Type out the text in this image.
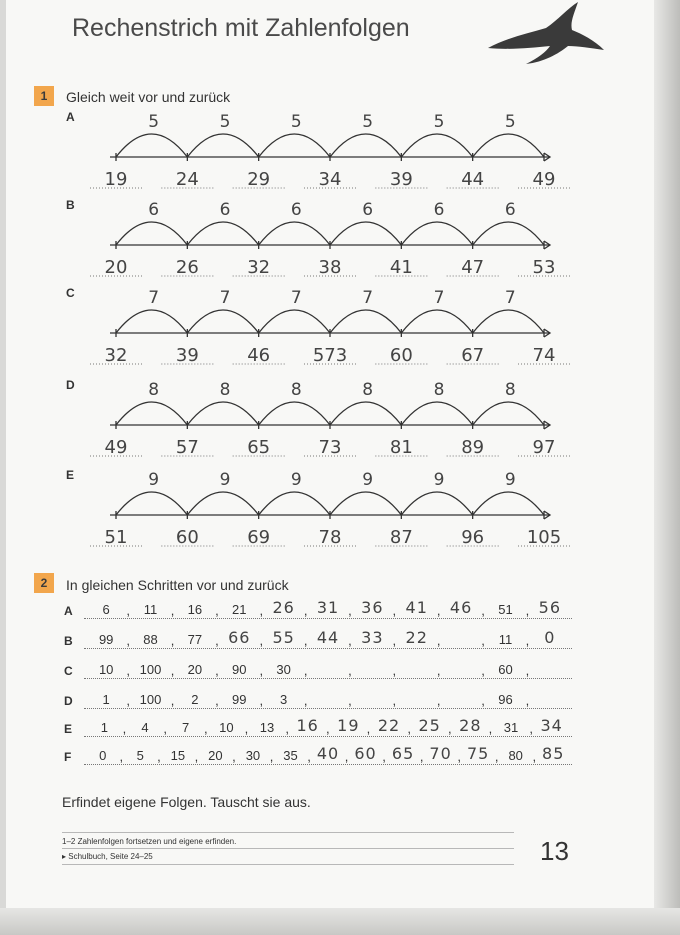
Rechenstrich mit Zahlenfolgen
1	Gleich weit vor und zurück
A
19	24	29	34	39	44	49
5	5	5	5	5	5
B
20	26	32	38	41	47	53
6	6	6	6	6	6
C
32	39	46 573 60	67	74
7	7	7	7	7	7
D
49	57	65	73	81	89	97
8	8	8	8	8	8
E
51	60	69	78	87	96 105
9	9	9	9	9	9
2	In gleichen Schritten vor und zurück
A 6 , 11 , 16 , 21 , 26 , 31 , 36 , 41 , 46 , 51 , 56
B 99 , 88 , 77 , 66 , 55 , 44 , 33 , 22 ,	, 11 , 0
C 10 , 100 , 20 , 90 , 30 ,	,	,	,	, 60 ,
D 1 , 100 , 2 , 99 , 3 ,	,	,	,	, 96 ,
E 1 , 4 , 7 , 10 , 13 , 16 , 19 , 22 , 25 , 28 , 31 , 34
F 0 , 5 , 15 , 20 , 30 , 35 , 40 , 60 , 65 , 70 , 75 , 80 , 85
Erfindet eigene Folgen. Tauscht sie aus.
1–2 Zahlenfolgen fortsetzen und eigene erfinden.
▸ Schulbuch, Seite 24–25	13
